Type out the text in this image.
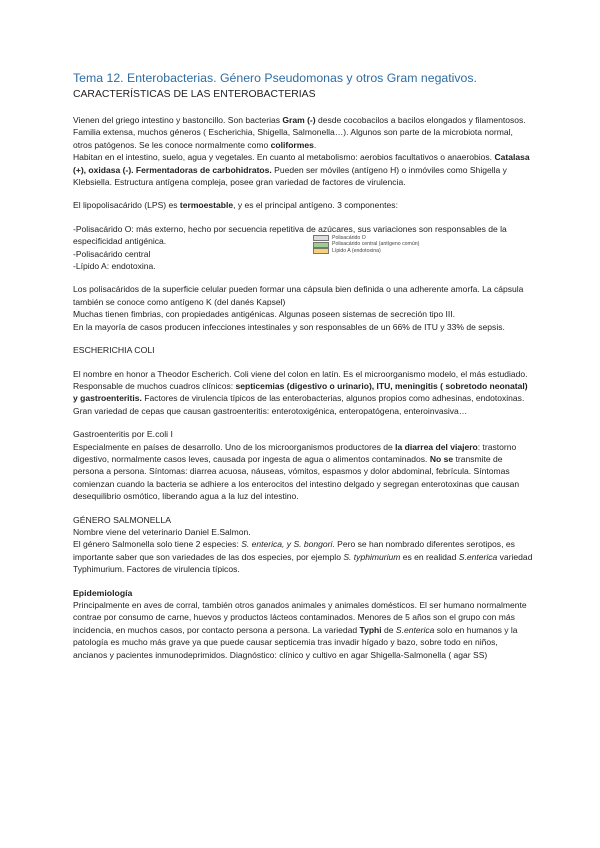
Tema 12. Enterobacterias. Género Pseudomonas y otros Gram negativos.
CARACTERÍSTICAS DE LAS ENTEROBACTERIAS

Vienen del griego intestino y bastoncillo. Son bacterias Gram (-) desde cocobacilos a bacilos elongados y filamentosos. Familia extensa, muchos géneros ( Escherichia, Shigella, Salmonella…). Algunos son parte de la microbiota normal, otros patógenos. Se les conoce normalmente como coliformes.

Habitan en el intestino, suelo, agua y vegetales. En cuanto al metabolismo: aerobios facultativos o anaerobios. Catalasa (+), oxidasa (-). Fermentadoras de carbohidratos. Pueden ser móviles (antígeno H) o inmóviles como Shigella y Klebsiella. Estructura antígena compleja, posee gran variedad de factores de virulencia.

El lipopolisacárido (LPS) es termoestable, y es el principal antígeno. 3 componentes:

-Polisacárido O: más externo, hecho por secuencia repetitiva de azúcares, sus variaciones son responsables de la especificidad antigénica.

-Polisacárido central

-Lípido A: endotoxina.

Polisacárido O
Polisacárido central (antígeno común)
Lípido A (endotoxina)

Los polisacáridos de la superficie celular pueden formar una cápsula bien definida o una adherente amorfa. La cápsula también se conoce como antígeno K (del danés Kapsel)

Muchas tienen fimbrias, con propiedades antigénicas. Algunas poseen sistemas de secreción tipo III.

En la mayoría de casos producen infecciones intestinales y son responsables de un 66% de ITU y 33% de sepsis.

ESCHERICHIA COLI

El nombre en honor a Theodor Escherich. Coli viene del colon en latín. Es el microorganismo modelo, el más estudiado. Responsable de muchos cuadros clínicos: septicemias (digestivo o urinario), ITU, meningitis ( sobretodo neonatal) y gastroenteritis. Factores de virulencia típicos de las enterobacterias, algunos propios como adhesinas, endotoxinas. Gran variedad de cepas que causan gastroenteritis: enterotoxigénica, enteropatógena, enteroinvasiva…

Gastroenteritis por E.coli I

Especialmente en países de desarrollo. Uno de los microorganismos productores de la diarrea del viajero: trastorno digestivo, normalmente casos leves, causada por ingesta de agua o alimentos contaminados. No se transmite de persona a persona. Síntomas: diarrea acuosa, náuseas, vómitos, espasmos y dolor abdominal, febrícula. Síntomas comienzan cuando la bacteria se adhiere a los enterocitos del intestino delgado y segregan enterotoxinas que causan desequilibrio osmótico, liberando agua a la luz del intestino.

GÉNERO SALMONELLA

Nombre viene del veterinario Daniel E.Salmon.

El género Salmonella solo tiene 2 especies: S. enterica, y S. bongori. Pero se han nombrado diferentes serotipos, es importante saber que son variedades de las dos especies, por ejemplo S. typhimurium es en realidad S.enterica variedad Typhimurium. Factores de virulencia típicos.

Epidemiología

Principalmente en aves de corral, también otros ganados animales y animales domésticos. El ser humano normalmente contrae por consumo de carne, huevos y productos lácteos contaminados. Menores de 5 años son el grupo con más incidencia, en muchos casos, por contacto persona a persona. La variedad Typhi de S.enterica solo en humanos y la patología es mucho más grave ya que puede causar septicemia tras invadir hígado y bazo, sobre todo en niños, ancianos y pacientes inmunodeprimidos. Diagnóstico: clínico y cultivo en agar Shigella-Salmonella ( agar SS)
